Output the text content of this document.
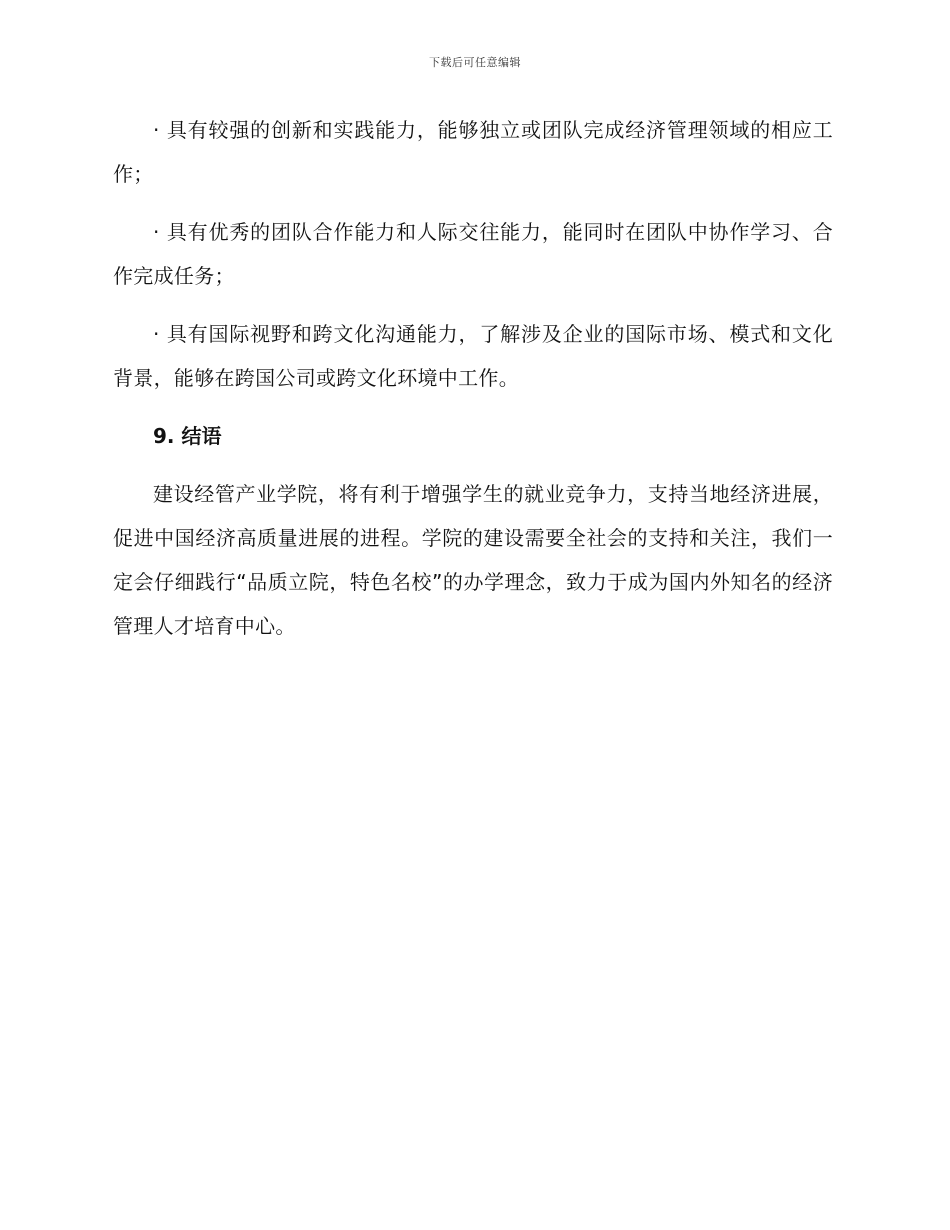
下载后可任意编辑

· 具有较强的创新和实践能力，能够独立或团队完成经济管理领域的相应工作；

· 具有优秀的团队合作能力和人际交往能力，能同时在团队中协作学习、合作完成任务；

· 具有国际视野和跨文化沟通能力，了解涉及企业的国际市场、模式和文化背景，能够在跨国公司或跨文化环境中工作。

9. 结语

建设经管产业学院，将有利于增强学生的就业竞争力，支持当地经济进展，促进中国经济高质量进展的进程。学院的建设需要全社会的支持和关注，我们一定会仔细践行“品质立院，特色名校”的办学理念，致力于成为国内外知名的经济管理人才培育中心。
